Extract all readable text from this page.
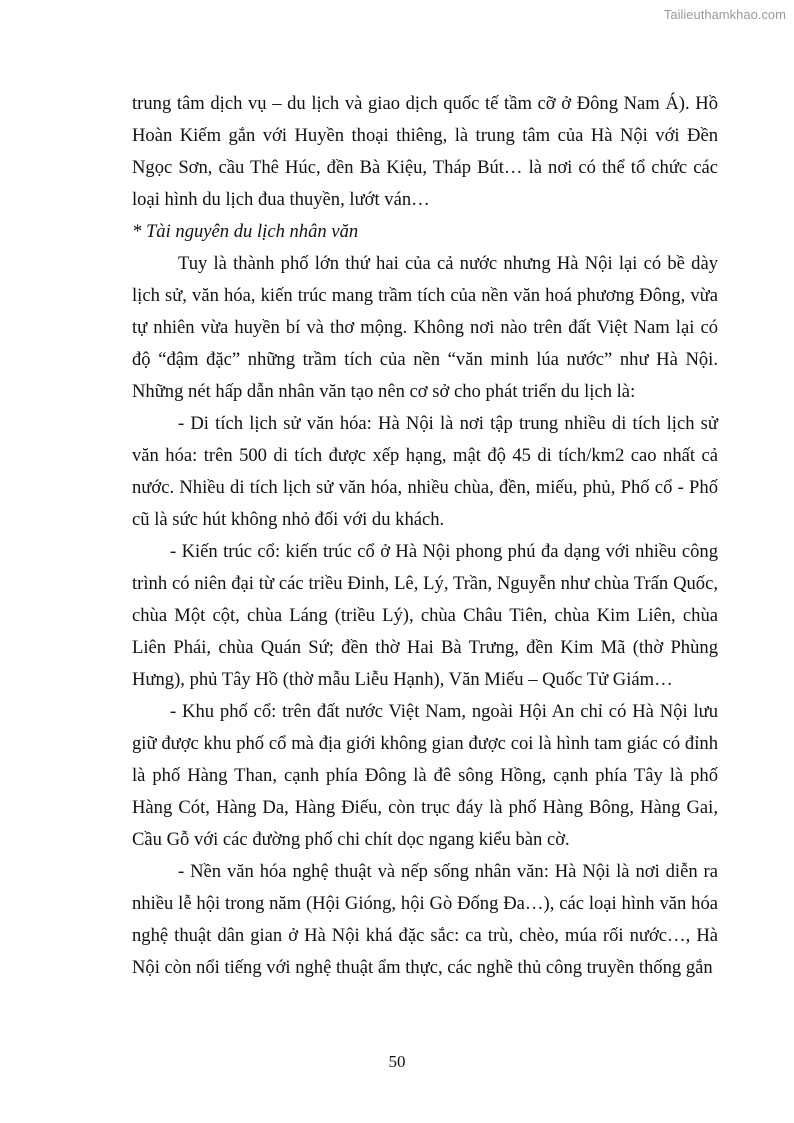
Tailieuthamkhao.com

trung tâm dịch vụ – du lịch và giao dịch quốc tế tầm cỡ ở Đông Nam Á). Hồ Hoàn Kiếm gắn với Huyền thoại thiêng, là trung tâm của Hà Nội với Đền Ngọc Sơn, cầu Thê Húc, đền Bà Kiệu, Tháp Bút… là nơi có thể tổ chức các loại hình du lịch đua thuyền, lướt ván…

* Tài nguyên du lịch nhân văn

Tuy là thành phố lớn thứ hai của cả nước nhưng Hà Nội lại có bề dày lịch sử, văn hóa, kiến trúc mang trầm tích của nền văn hoá phương Đông, vừa tự nhiên vừa huyền bí và thơ mộng. Không nơi nào trên đất Việt Nam lại có độ “đậm đặc” những trầm tích của nền “văn minh lúa nước” như Hà Nội. Những nét hấp dẫn nhân văn tạo nên cơ sở cho phát triển du lịch là:

- Di tích lịch sử văn hóa: Hà Nội là nơi tập trung nhiều di tích lịch sử văn hóa: trên 500 di tích được xếp hạng, mật độ 45 di tích/km2 cao nhất cả nước. Nhiều di tích lịch sử văn hóa, nhiều chùa, đền, miếu, phủ, Phố cổ - Phố cũ là sức hút không nhỏ đối với du khách.

- Kiến trúc cổ: kiến trúc cổ ở Hà Nội phong phú đa dạng với nhiều công trình có niên đại từ các triều Đinh, Lê, Lý, Trần, Nguyễn như chùa Trấn Quốc, chùa Một cột, chùa Láng (triều Lý), chùa Châu Tiên, chùa Kim Liên, chùa Liên Phái, chùa Quán Sứ; đền thờ Hai Bà Trưng, đền Kim Mã (thờ Phùng Hưng), phủ Tây Hồ (thờ mẫu Liễu Hạnh), Văn Miếu – Quốc Tử Giám…

- Khu phố cổ: trên đất nước Việt Nam, ngoài Hội An chỉ có Hà Nội lưu giữ được khu phố cổ mà địa giới không gian được coi là hình tam giác có đỉnh là phố Hàng Than, cạnh phía Đông là đê sông Hồng, cạnh phía Tây là phố Hàng Cót, Hàng Da, Hàng Điếu, còn trục đáy là phố Hàng Bông, Hàng Gai, Cầu Gỗ với các đường phố chi chít dọc ngang kiểu bàn cờ.

- Nền văn hóa nghệ thuật và nếp sống nhân văn: Hà Nội là nơi diễn ra nhiều lễ hội trong năm (Hội Gióng, hội Gò Đống Đa…), các loại hình văn hóa nghệ thuật dân gian ở Hà Nội khá đặc sắc: ca trù, chèo, múa rối nước…, Hà Nội còn nổi tiếng với nghệ thuật ẩm thực, các nghề thủ công truyền thống gắn

50
